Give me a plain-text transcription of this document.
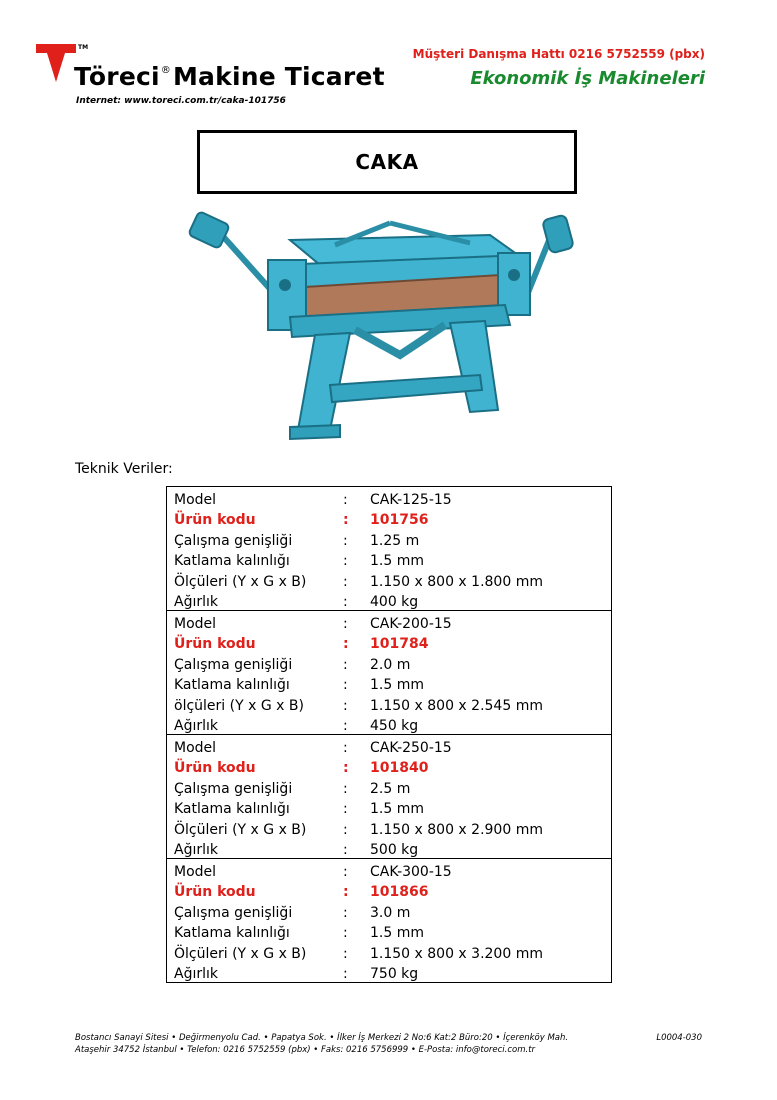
TM
Töreci®Makine Ticaret
Internet: www.toreci.com.tr/caka-101756
Müşteri Danışma Hattı 0216 5752559 (pbx)
Ekonomik İş Makineleri
CAKA
Teknik Veriler:
Model	:	CAK-125-15
Ürün kodu	:	101756
Çalışma genişliği	:	1.25 m
Katlama kalınlığı	:	1.5 mm
Ölçüleri (Y x G x B)	:	1.150 x 800 x 1.800 mm
Ağırlık	:	400 kg
Model	:	CAK-200-15
Ürün kodu	:	101784
Çalışma genişliği	:	2.0 m
Katlama kalınlığı	:	1.5 mm
ölçüleri (Y x G x B)	:	1.150 x 800 x 2.545 mm
Ağırlık	:	450 kg
Model	:	CAK-250-15
Ürün kodu	:	101840
Çalışma genişliği	:	2.5 m
Katlama kalınlığı	:	1.5 mm
Ölçüleri (Y x G x B)	:	1.150 x 800 x 2.900 mm
Ağırlık	:	500 kg
Model	:	CAK-300-15
Ürün kodu	:	101866
Çalışma genişliği	:	3.0 m
Katlama kalınlığı	:	1.5 mm
Ölçüleri (Y x G x B)	:	1.150 x 800 x 3.200 mm
Ağırlık	:	750 kg
Bostancı Sanayi Sitesi • Değirmenyolu Cad. • Papatya Sok. • İlker İş Merkezi 2 No:6 Kat:2 Büro:20 • İçerenköy Mah.
Ataşehir 34752 İstanbul • Telefon: 0216 5752559 (pbx) • Faks: 0216 5756999 • E-Posta: info@toreci.com.tr
L0004-030
